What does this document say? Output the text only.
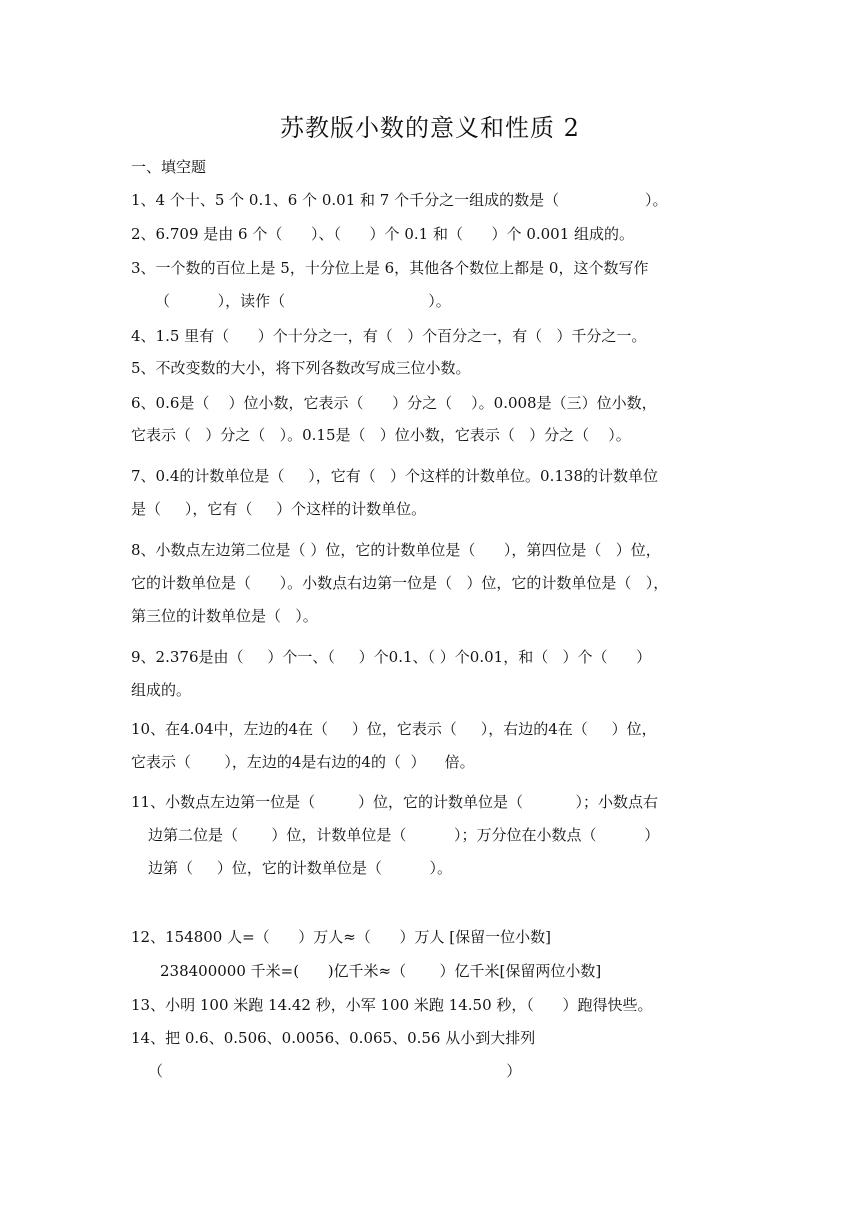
苏教版小数的意义和性质 2
一、填空题
1、4 个十、5 个 0.1、6 个 0.01 和 7 个千分之一组成的数是（                  ）。
2、6.709 是由 6 个（      ）、（      ）个 0.1 和（      ）个 0.001 组成的。
3、一个数的百位上是 5，十分位上是 6，其他各个数位上都是 0，这个数写作
（          ），读作（                              ）。
4、1.5 里有（      ）个十分之一，有（   ）个百分之一，有（   ）千分之一。
5、不改变数的大小，将下列各数改写成三位小数。
6、0.6是（    ）位小数，它表示（      ）分之（    ）。0.008是（三）位小数，
它表示（   ）分之（   ）。0.15是（   ）位小数，它表示（   ）分之（    ）。
7、0.4的计数单位是（     ），它有（   ）个这样的计数单位。0.138的计数单位
是（     ），它有（     ）个这样的计数单位。
8、小数点左边第二位是（ ）位，它的计数单位是（      ），第四位是（   ）位，
它的计数单位是（      ）。小数点右边第一位是（   ）位，它的计数单位是（   ），
第三位的计数单位是（   ）。
9、2.376是由（     ）个一、（     ）个0.1、（ ）个0.01，和（   ）个（      ）
组成的。
10、在4.04中，左边的4在（     ）位，它表示（     ），右边的4在（     ）位，
它表示（       ），左边的4是右边的4的（  ）    倍。
11、小数点左边第一位是（         ）位，它的计数单位是（           ）；小数点右
边第二位是（       ）位，计数单位是（          ）；万分位在小数点（          ）
边第（     ）位，它的计数单位是（          ）。
12、154800 人=（      ）万人≈（      ）万人 [保留一位小数]
238400000 千米=(      )亿千米≈（       ）亿千米[保留两位小数]
13、小明 100 米跑 14.42 秒，小军 100 米跑 14.50 秒，（      ）跑得快些。
14、把 0.6、0.506、0.0056、0.065、0.56 从小到大排列
（                                                                        ）
